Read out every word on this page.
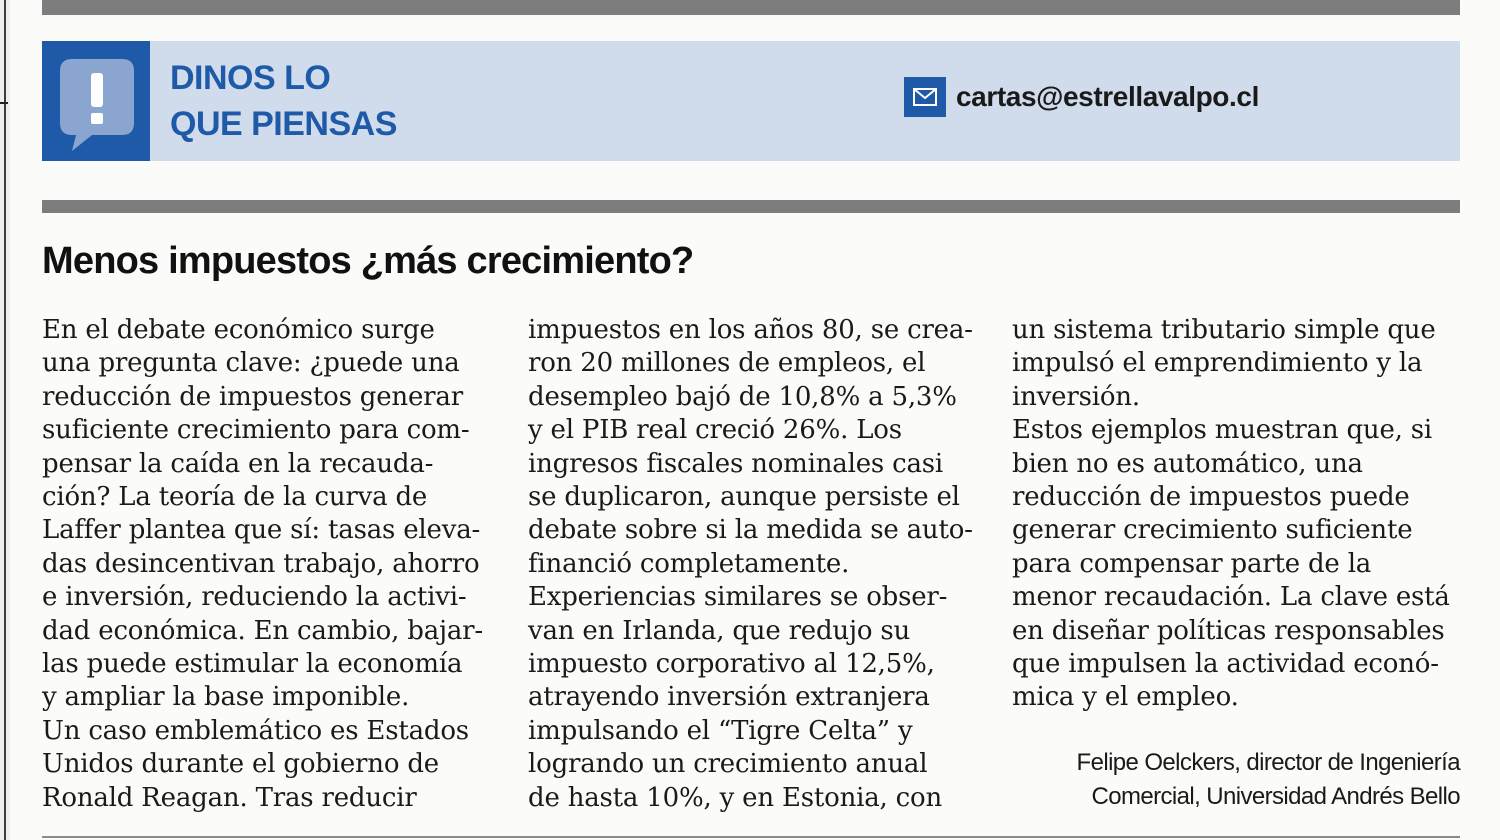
DINOS LO
QUE PIENSAS
cartas@estrellavalpo.cl
Menos impuestos ¿más crecimiento?
En el debate económico surge
una pregunta clave: ¿puede una
reducción de impuestos generar
suficiente crecimiento para com-
pensar la caída en la recauda-
ción? La teoría de la curva de
Laffer plantea que sí: tasas eleva-
das desincentivan trabajo, ahorro
e inversión, reduciendo la activi-
dad económica. En cambio, bajar-
las puede estimular la economía
y ampliar la base imponible.
Un caso emblemático es Estados
Unidos durante el gobierno de
Ronald Reagan. Tras reducir
impuestos en los años 80, se crea-
ron 20 millones de empleos, el
desempleo bajó de 10,8% a 5,3%
y el PIB real creció 26%. Los
ingresos fiscales nominales casi
se duplicaron, aunque persiste el
debate sobre si la medida se auto-
financió completamente.
Experiencias similares se obser-
van en Irlanda, que redujo su
impuesto corporativo al 12,5%,
atrayendo inversión extranjera
impulsando el “Tigre Celta” y
logrando un crecimiento anual
de hasta 10%, y en Estonia, con
un sistema tributario simple que
impulsó el emprendimiento y la
inversión.
Estos ejemplos muestran que, si
bien no es automático, una
reducción de impuestos puede
generar crecimiento suficiente
para compensar parte de la
menor recaudación. La clave está
en diseñar políticas responsables
que impulsen la actividad econó-
mica y el empleo.
Felipe Oelckers, director de Ingeniería
Comercial, Universidad Andrés Bello
